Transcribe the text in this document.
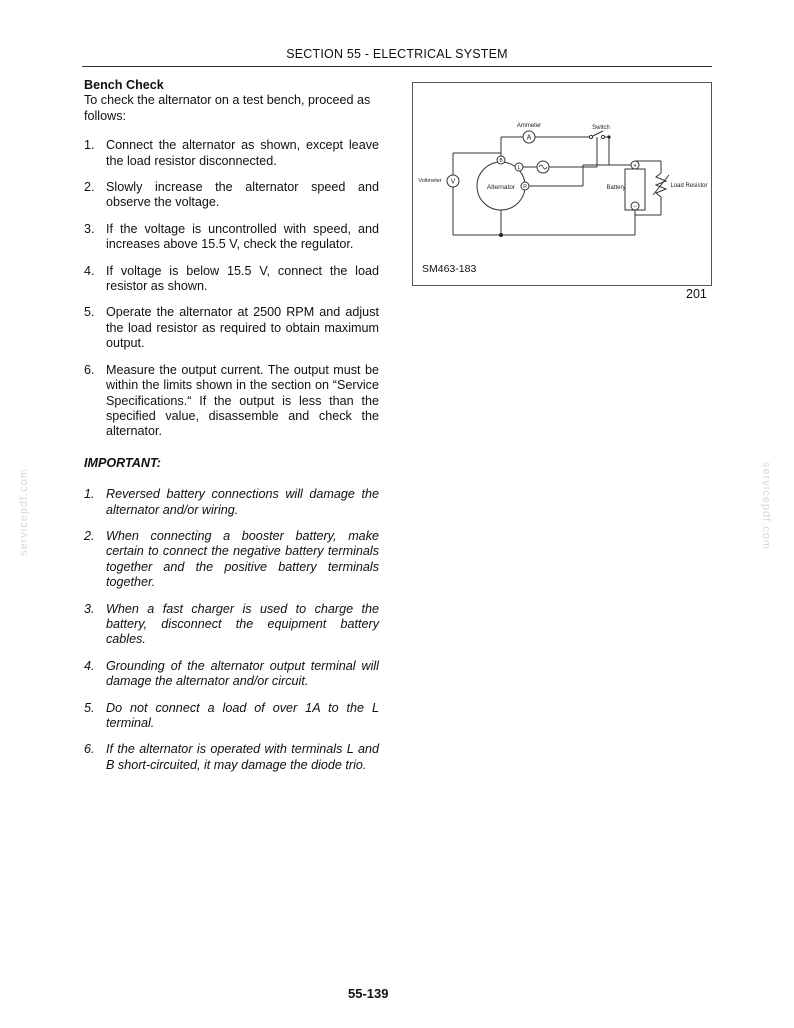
SECTION 55 - ELECTRICAL SYSTEM

Bench Check

To check the alternator on a test bench, proceed as follows:

1. Connect the alternator as shown, except leave the load resistor disconnected.
2. Slowly increase the alternator speed and observe the voltage.
3. If the voltage is uncontrolled with speed, and increases above 15.5 V, check the regulator.
4. If voltage is below 15.5 V, connect the load resistor as shown.
5. Operate the alternator at 2500 RPM and adjust the load resistor as required to obtain maximum output.
6. Measure the output current. The output must be within the limits shown in the section on “Service Specifications.“ If the output is less than the specified value, disassemble and check the alternator.

IMPORTANT:

1. Reversed battery connections will damage the alternator and/or wiring.
2. When connecting a booster battery, make certain to connect the negative battery terminals together and the positive battery terminals together.
3. When a fast charger is used to charge the battery, disconnect the equipment battery cables.
4. Grounding of the alternator output terminal will damage the alternator and/or circuit.
5. Do not connect a load of over 1A to the L terminal.
6. If the alternator is operated with terminals L and B short-circuited, it may damage the diode trio.
Alternator
B
L
R
A
Ammeter	Switch
V
Voltmeter
+
−
Battery	Load Resistor
SM463-183
201
servicepdf.com	servicepdf.com
55-139
